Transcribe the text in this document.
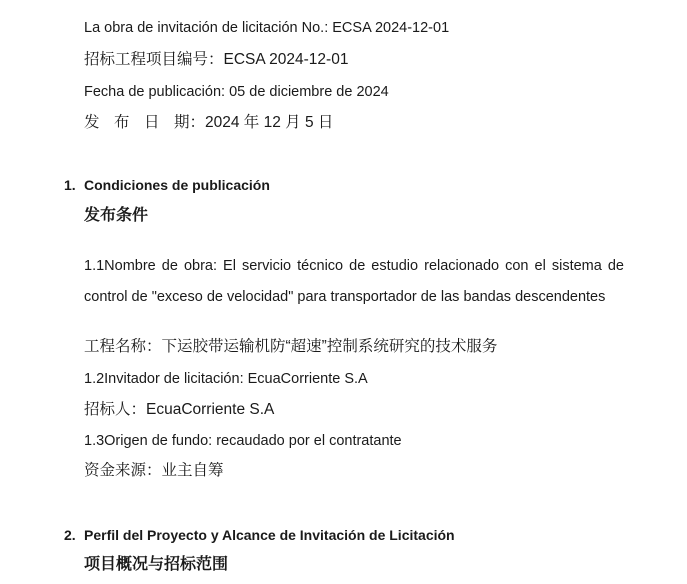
La obra de invitación de licitación No.: ECSA 2024-12-01
招标工程项目编号：ECSA 2024-12-01
Fecha de publicación: 05 de diciembre de 2024
发 布 日 期：2024 年 12 月 5 日
1. Condiciones de publicación
发布条件
1.1Nombre de obra: El servicio técnico de estudio relacionado con el sistema de control de "exceso de velocidad" para transportador de las bandas descendentes
工程名称：下运胶带运输机防“超速”控制系统研究的技术服务
1.2Invitador de licitación: EcuaCorriente S.A
招标人：EcuaCorriente S.A
1.3Origen de fundo: recaudado por el contratante
资金来源：业主自筹
2. Perfil del Proyecto y Alcance de Invitación de Licitación
项目概况与招标范围
